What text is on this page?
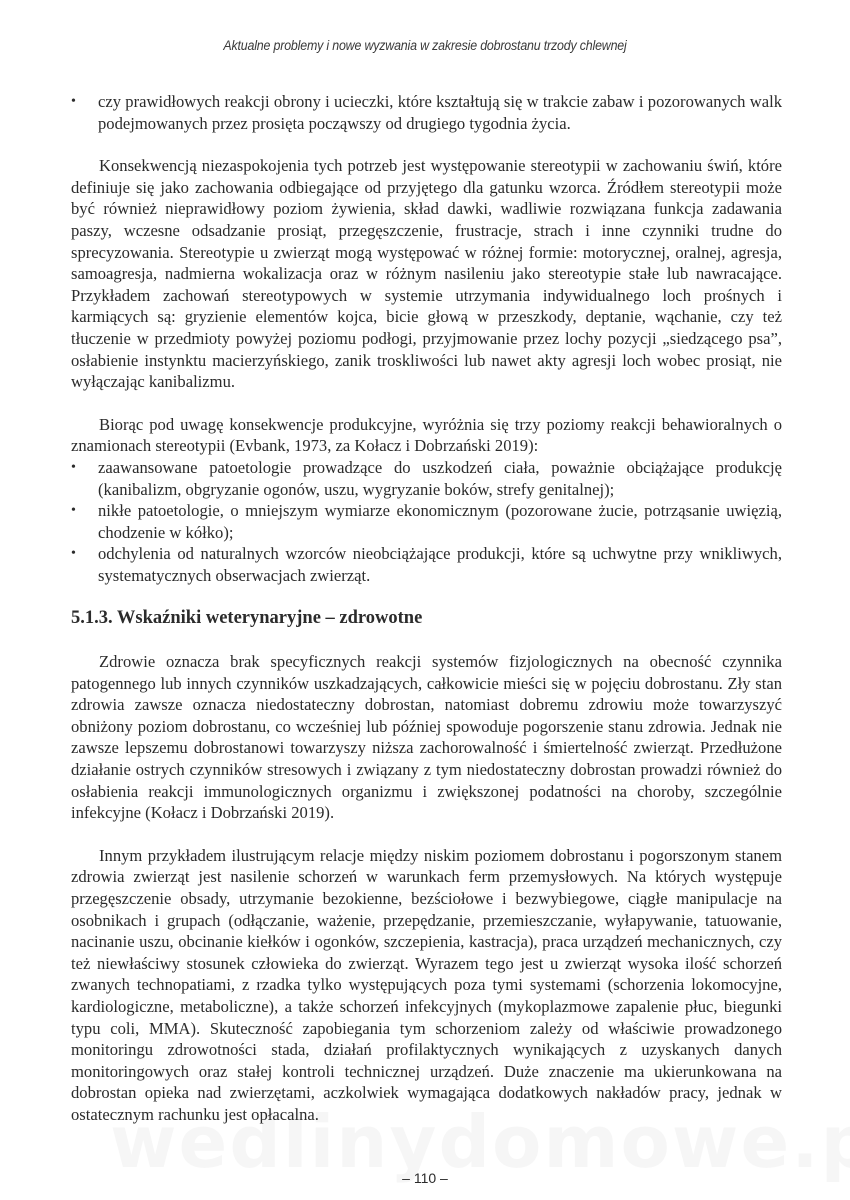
Aktualne problemy i nowe wyzwania w zakresie dobrostanu trzody chlewnej
• czy prawidłowych reakcji obrony i ucieczki, które kształtują się w trakcie zabaw i pozorowanych walk podejmowanych przez prosięta począwszy od drugiego tygodnia życia.

Konsekwencją niezaspokojenia tych potrzeb jest występowanie stereotypii w zachowaniu świń, które definiuje się jako zachowania odbiegające od przyjętego dla gatunku wzorca. Źródłem stereotypii może być również nieprawidłowy poziom żywienia, skład dawki, wadliwie rozwiązana funkcja zadawania paszy, wczesne odsadzanie prosiąt, przegęszczenie, frustracje, strach i inne czynniki trudne do sprecyzowania. Stereotypie u zwierząt mogą występować w różnej formie: motorycznej, oralnej, agresja, samoagresja, nadmierna wokalizacja oraz w różnym nasileniu jako stereotypie stałe lub nawracające. Przykładem zachowań stereotypowych w systemie utrzymania indywidualnego loch prośnych i karmiących są: gryzienie elementów kojca, bicie głową w przeszkody, deptanie, wąchanie, czy też tłuczenie w przedmioty powyżej poziomu podłogi, przyjmowanie przez lochy pozycji „siedzącego psa”, osłabienie instynktu macierzyńskiego, zanik troskliwości lub nawet akty agresji loch wobec prosiąt, nie wyłączając kanibalizmu.

Biorąc pod uwagę konsekwencje produkcyjne, wyróżnia się trzy poziomy reakcji behawioralnych o znamionach stereotypii (Evbank, 1973, za Kołacz i Dobrzański 2019):

• zaawansowane patoetologie prowadzące do uszkodzeń ciała, poważnie obciążające produkcję (kanibalizm, obgryzanie ogonów, uszu, wygryzanie boków, strefy genitalnej);
• nikłe patoetologie, o mniejszym wymiarze ekonomicznym (pozorowane żucie, potrząsanie uwięzią, chodzenie w kółko);
• odchylenia od naturalnych wzorców nieobciążające produkcji, które są uchwytne przy wnikliwych, systematycznych obserwacjach zwierząt.
5.1.3. Wskaźniki weterynaryjne – zdrowotne

Zdrowie oznacza brak specyficznych reakcji systemów fizjologicznych na obecność czynnika patogennego lub innych czynników uszkadzających, całkowicie mieści się w pojęciu dobrostanu. Zły stan zdrowia zawsze oznacza niedostateczny dobrostan, natomiast dobremu zdrowiu może towarzyszyć obniżony poziom dobrostanu, co wcześniej lub później spowoduje pogorszenie stanu zdrowia. Jednak nie zawsze lepszemu dobrostanowi towarzyszy niższa zachorowalność i śmiertelność zwierząt. Przedłużone działanie ostrych czynników stresowych i związany z tym niedostateczny dobrostan prowadzi również do osłabienia reakcji immunologicznych organizmu i zwiększonej podatności na choroby, szczególnie infekcyjne (Kołacz i Dobrzański 2019).

Innym przykładem ilustrującym relacje między niskim poziomem dobrostanu i pogorszonym stanem zdrowia zwierząt jest nasilenie schorzeń w warunkach ferm przemysłowych. Na których występuje przegęszczenie obsady, utrzymanie bezokienne, bezściołowe i bezwybiegowe, ciągłe manipulacje na osobnikach i grupach (odłączanie, ważenie, przepędzanie, przemieszczanie, wyłapywanie, tatuowanie, nacinanie uszu, obcinanie kiełków i ogonków, szczepienia, kastracja), praca urządzeń mechanicznych, czy też niewłaściwy stosunek człowieka do zwierząt. Wyrazem tego jest u zwierząt wysoka ilość schorzeń zwanych technopatiami, z rzadka tylko występujących poza tymi systemami (schorzenia lokomocyjne, kardiologiczne, metaboliczne), a także schorzeń infekcyjnych (mykoplazmowe zapalenie płuc, biegunki typu coli, MMA). Skuteczność zapobiegania tym schorzeniom zależy od właściwie prowadzonego monitoringu zdrowotności stada, działań profilaktycznych wynikających z uzyskanych danych monitoringowych oraz stałej kontroli technicznej urządzeń. Duże znaczenie ma ukierunkowana na dobrostan opieka nad zwierzętami, aczkolwiek wymagająca dodatkowych nakładów pracy, jednak w ostatecznym rachunku jest opłacalna.

– 110 –
